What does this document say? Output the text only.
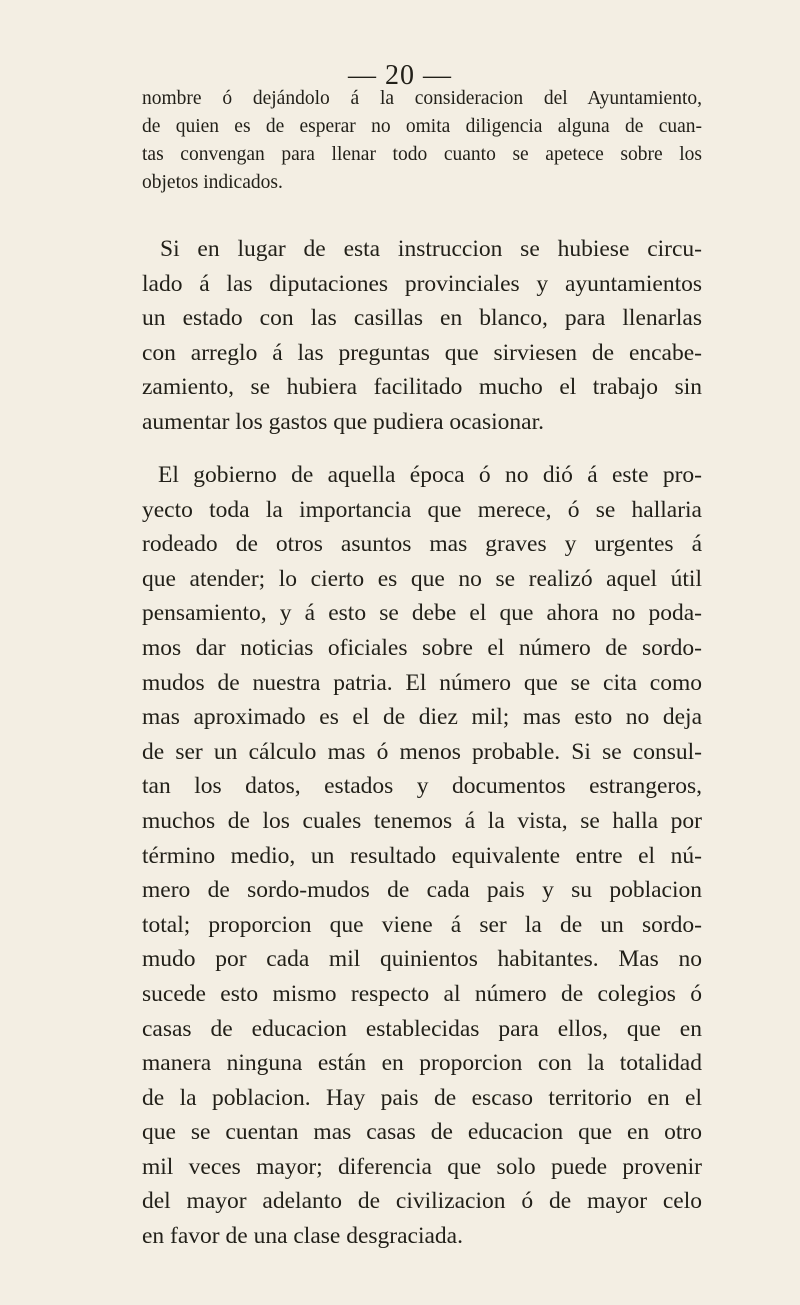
— 20 —
nombre ó dejándolo á la consideracion del Ayuntamiento,
de quien es de esperar no omita diligencia alguna de cuan-
tas convengan para llenar todo cuanto se apetece sobre los
objetos indicados.
Si en lugar de esta instruccion se hubiese circu-
lado á las diputaciones provinciales y ayuntamientos
un estado con las casillas en blanco, para llenarlas
con arreglo á las preguntas que sirviesen de encabe-
zamiento, se hubiera facilitado mucho el trabajo sin
aumentar los gastos que pudiera ocasionar.
El gobierno de aquella época ó no dió á este pro-
yecto toda la importancia que merece, ó se hallaria
rodeado de otros asuntos mas graves y urgentes á
que atender; lo cierto es que no se realizó aquel útil
pensamiento, y á esto se debe el que ahora no poda-
mos dar noticias oficiales sobre el número de sordo-
mudos de nuestra patria. El número que se cita como
mas aproximado es el de diez mil; mas esto no deja
de ser un cálculo mas ó menos probable. Si se consul-
tan los datos, estados y documentos estrangeros,
muchos de los cuales tenemos á la vista, se halla por
término medio, un resultado equivalente entre el nú-
mero de sordo-mudos de cada pais y su poblacion
total; proporcion que viene á ser la de un sordo-
mudo por cada mil quinientos habitantes. Mas no
sucede esto mismo respecto al número de colegios ó
casas de educacion establecidas para ellos, que en
manera ninguna están en proporcion con la totalidad
de la poblacion. Hay pais de escaso territorio en el
que se cuentan mas casas de educacion que en otro
mil veces mayor; diferencia que solo puede provenir
del mayor adelanto de civilizacion ó de mayor celo
en favor de una clase desgraciada.
